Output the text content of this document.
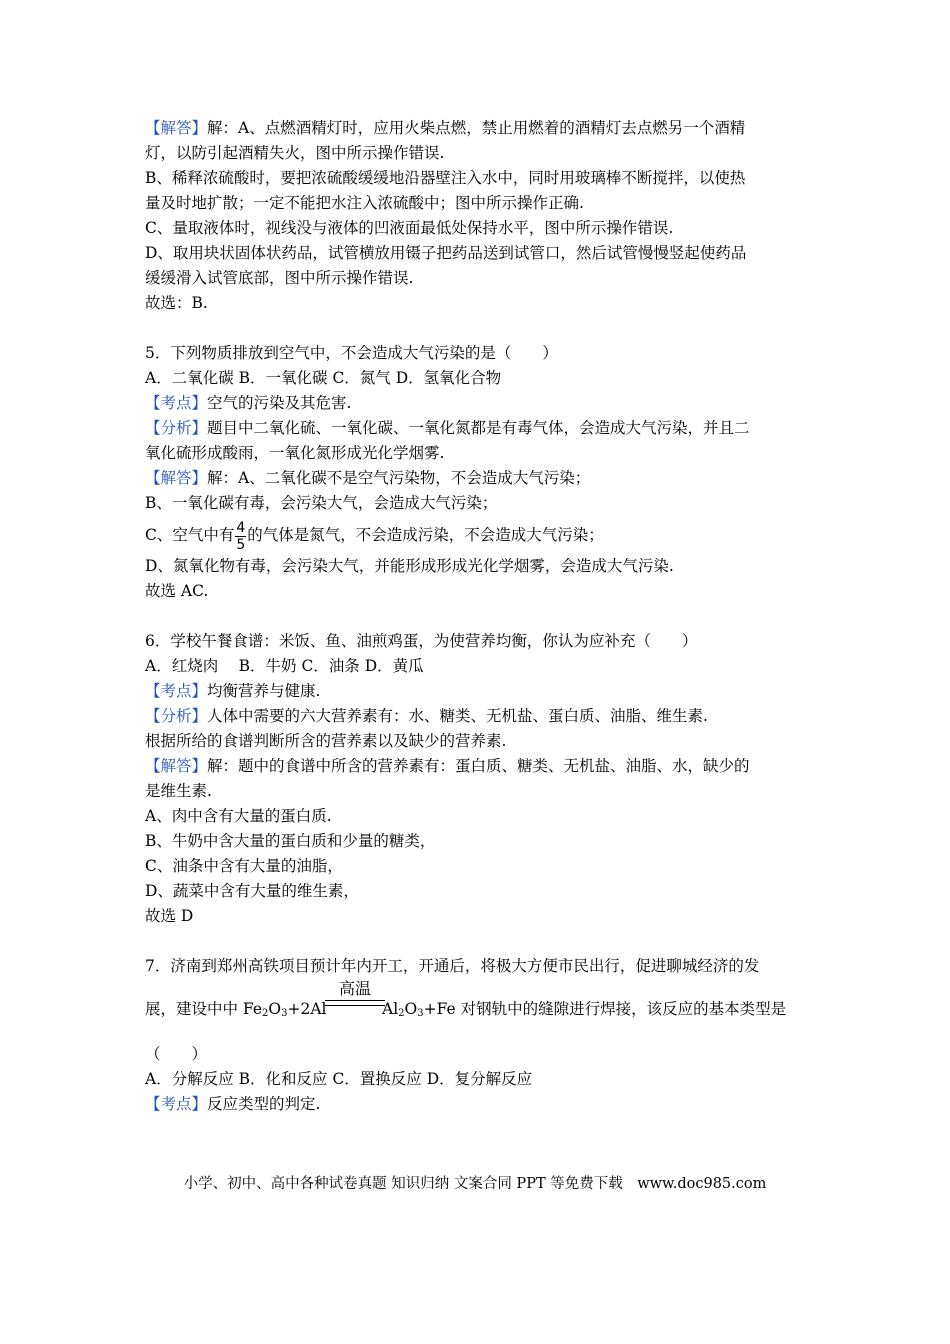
【解答】解：A、点燃酒精灯时，应用火柴点燃，禁止用燃着的酒精灯去点燃另一个酒精
灯，以防引起酒精失火，图中所示操作错误.
B、稀释浓硫酸时，要把浓硫酸缓缓地沿器壁注入水中，同时用玻璃棒不断搅拌，以使热
量及时地扩散；一定不能把水注入浓硫酸中；图中所示操作正确.
C、量取液体时，视线没与液体的凹液面最低处保持水平，图中所示操作错误.
D、取用块状固体状药品，试管横放用镊子把药品送到试管口，然后试管慢慢竖起使药品
缓缓滑入试管底部，图中所示操作错误.
故选：B.
5．下列物质排放到空气中，不会造成大气污染的是（　　）
A．二氧化碳 B．一氧化碳 C．氮气 D．氢氧化合物
【考点】空气的污染及其危害.
【分析】题目中二氧化硫、一氧化碳、一氧化氮都是有毒气体，会造成大气污染，并且二
氧化硫形成酸雨，一氧化氮形成光化学烟雾.
【解答】解：A、二氧化碳不是空气污染物，不会造成大气污染；
B、一氧化碳有毒，会污染大气，会造成大气污染；
C、空气中有 $\frac{4}{5}$ 的气体是氮气，不会造成污染，不会造成大气污染；
D、氮氧化物有毒，会污染大气，并能形成形成光化学烟雾，会造成大气污染.
故选 AC.
6．学校午餐食谱：米饭、鱼、油煎鸡蛋，为使营养均衡，你认为应补充（　　）
A．红烧肉　 B．牛奶 C．油条 D．黄瓜
【考点】均衡营养与健康.
【分析】人体中需要的六大营养素有：水、糖类、无机盐、蛋白质、油脂、维生素.
根据所给的食谱判断所含的营养素以及缺少的营养素.
【解答】解：题中的食谱中所含的营养素有：蛋白质、糖类、无机盐、油脂、水，缺少的
是维生素.
A、肉中含有大量的蛋白质.
B、牛奶中含大量的蛋白质和少量的糖类，
C、油条中含有大量的油脂，
D、蔬菜中含有大量的维生素，
故选 D
7．济南到郑州高铁项目预计年内开工，开通后，将极大方便市民出行，促进聊城经济的发
展，建设中中 $Fe_2O_3+2Al$
高温
$Al_2O_3+Fe$ 对钢轨中的缝隙进行焊接，该反应的基本类型是
（　　）
A．分解反应 B．化和反应 C．置换反应 D．复分解反应
【考点】反应类型的判定.
小学、初中、高中各种试卷真题 知识归纳 文案合同 PPT 等免费下载　www.doc985.com
